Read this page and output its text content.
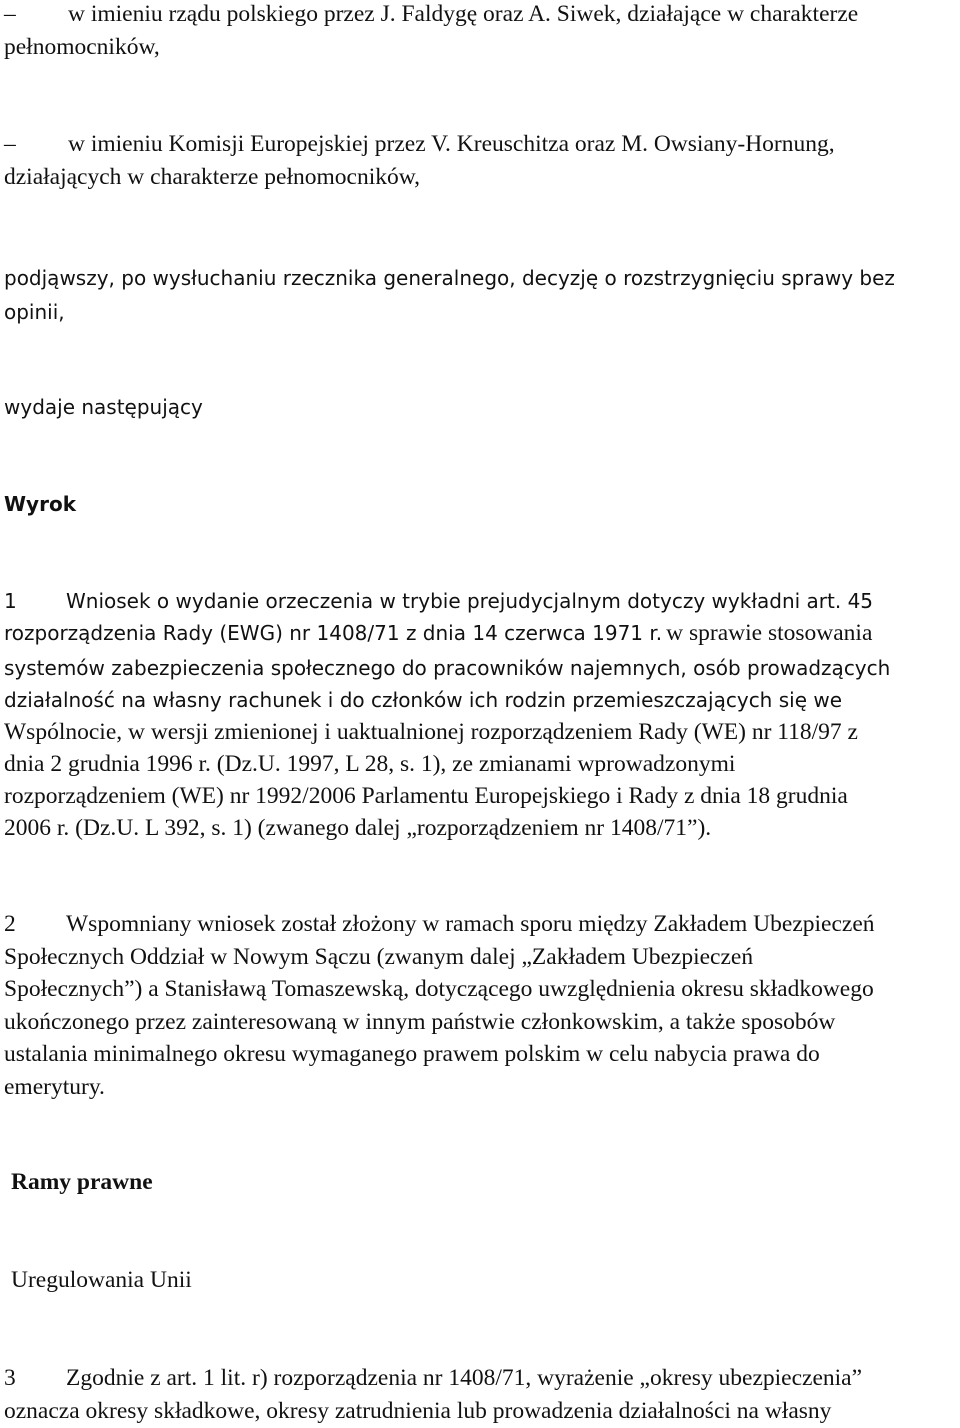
– w imieniu rządu polskiego przez J. Faldygę oraz A. Siwek, działające w charakterze
pełnomocników,
– w imieniu Komisji Europejskiej przez V. Kreuschitza oraz M. Owsiany‑Hornung,
działających w charakterze pełnomocników,
podjąwszy, po wysłuchaniu rzecznika generalnego, decyzję o rozstrzygnięciu sprawy bez
opinii,
wydaje następujący
Wyrok
1 Wniosek o wydanie orzeczenia w trybie prejudycjalnym dotyczy wykładni art. 45
rozporządzenia Rady (EWG) nr 1408/71 z dnia 14 czerwca 1971 r. w sprawie stosowania
systemów zabezpieczenia społecznego do pracowników najemnych, osób prowadzących
działalność na własny rachunek i do członków ich rodzin przemieszczających się we
Wspólnocie, w wersji zmienionej i uaktualnionej rozporządzeniem Rady (WE) nr 118/97 z
dnia 2 grudnia 1996 r. (Dz.U. 1997, L 28, s. 1), ze zmianami wprowadzonymi
rozporządzeniem (WE) nr 1992/2006 Parlamentu Europejskiego i Rady z dnia 18 grudnia
2006 r. (Dz.U. L 392, s. 1) (zwanego dalej „rozporządzeniem nr 1408/71”).
2 Wspomniany wniosek został złożony w ramach sporu między Zakładem Ubezpieczeń
Społecznych Oddział w Nowym Sączu (zwanym dalej „Zakładem Ubezpieczeń
Społecznych”) a Stanisławą Tomaszewską, dotyczącego uwzględnienia okresu składkowego
ukończonego przez zainteresowaną w innym państwie członkowskim, a także sposobów
ustalania minimalnego okresu wymaganego prawem polskim w celu nabycia prawa do
emerytury.
Ramy prawne
Uregulowania Unii
3 Zgodnie z art. 1 lit. r) rozporządzenia nr 1408/71, wyrażenie „okresy ubezpieczenia”
oznacza okresy składkowe, okresy zatrudnienia lub prowadzenia działalności na własny
